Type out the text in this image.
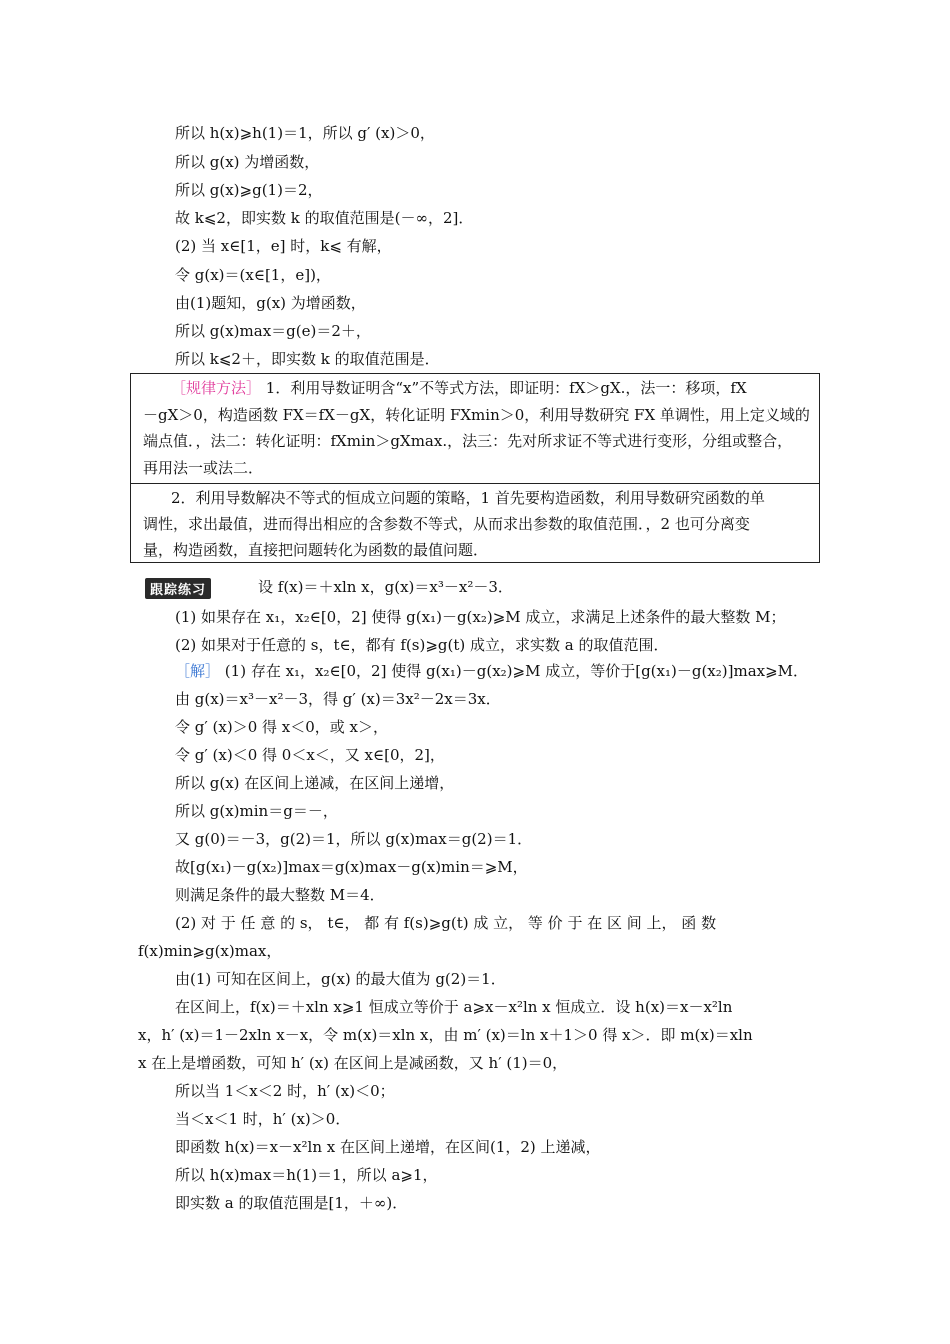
所以 h(x)⩾h(1)＝1，所以 g′ (x)＞0，
所以 g(x) 为增函数，
所以 g(x)⩾g(1)＝2，
故 k⩽2，即实数 k 的取值范围是(－∞，2]．
(2) 当 x∈[1，e] 时，k⩽ 有解，
令 g(x)＝(x∈[1，e])，
由(1)题知，g(x) 为增函数，
所以 g(x)max＝g(e)＝2＋，
所以 k⩽2＋，即实数 k 的取值范围是．
［规律方法］ 1．利用导数证明含“x”不等式方法，即证明：fX＞gX.，法一：移项，fX
－gX＞0，构造函数 FX＝fX－gX，转化证明 FXmin＞0，利用导数研究 FX 单调性，用上定义域的
端点值．，法二：转化证明：fXmin＞gXmax.，法三：先对所求证不等式进行变形，分组或整合，
再用法一或法二．
2．利用导数解决不等式的恒成立问题的策略，1 首先要构造函数，利用导数研究函数的单
调性，求出最值，进而得出相应的含参数不等式，从而求出参数的取值范围．，2 也可分离变
量，构造函数，直接把问题转化为函数的最值问题．
跟踪练习	设 f(x)＝＋xln x，g(x)＝x³－x²－3．
(1) 如果存在 x₁，x₂∈[0，2] 使得 g(x₁)－g(x₂)⩾M 成立，求满足上述条件的最大整数 M；
(2) 如果对于任意的 s，t∈，都有 f(s)⩾g(t) 成立，求实数 a 的取值范围．
［解］ (1) 存在 x₁，x₂∈[0，2] 使得 g(x₁)－g(x₂)⩾M 成立，等价于[g(x₁)－g(x₂)]max⩾M．
由 g(x)＝x³－x²－3，得 g′ (x)＝3x²－2x＝3x．
令 g′ (x)＞0 得 x＜0，或 x＞，
令 g′ (x)＜0 得 0＜x＜，又 x∈[0，2]，
所以 g(x) 在区间上递减，在区间上递增，
所以 g(x)min＝g＝－，
又 g(0)＝－3，g(2)＝1，所以 g(x)max＝g(2)＝1．
故[g(x₁)－g(x₂)]max＝g(x)max－g(x)min＝⩾M，
则满足条件的最大整数 M＝4．
(2) 对 于 任 意 的 s， t∈， 都 有 f(s)⩾g(t) 成 立， 等 价 于 在 区 间 上， 函 数
f(x)min⩾g(x)max，
由(1) 可知在区间上，g(x) 的最大值为 g(2)＝1．
在区间上，f(x)＝＋xln x⩾1 恒成立等价于 a⩾x－x²ln x 恒成立．设 h(x)＝x－x²ln
x，h′ (x)＝1－2xln x－x，令 m(x)＝xln x，由 m′ (x)＝ln x＋1＞0 得 x＞．即 m(x)＝xln
x 在上是增函数，可知 h′ (x) 在区间上是减函数，又 h′ (1)＝0，
所以当 1＜x＜2 时，h′ (x)＜0；
当＜x＜1 时，h′ (x)＞0．
即函数 h(x)＝x－x²ln x 在区间上递增，在区间(1，2) 上递减，
所以 h(x)max＝h(1)＝1，所以 a⩾1，
即实数 a 的取值范围是[1，＋∞)．
